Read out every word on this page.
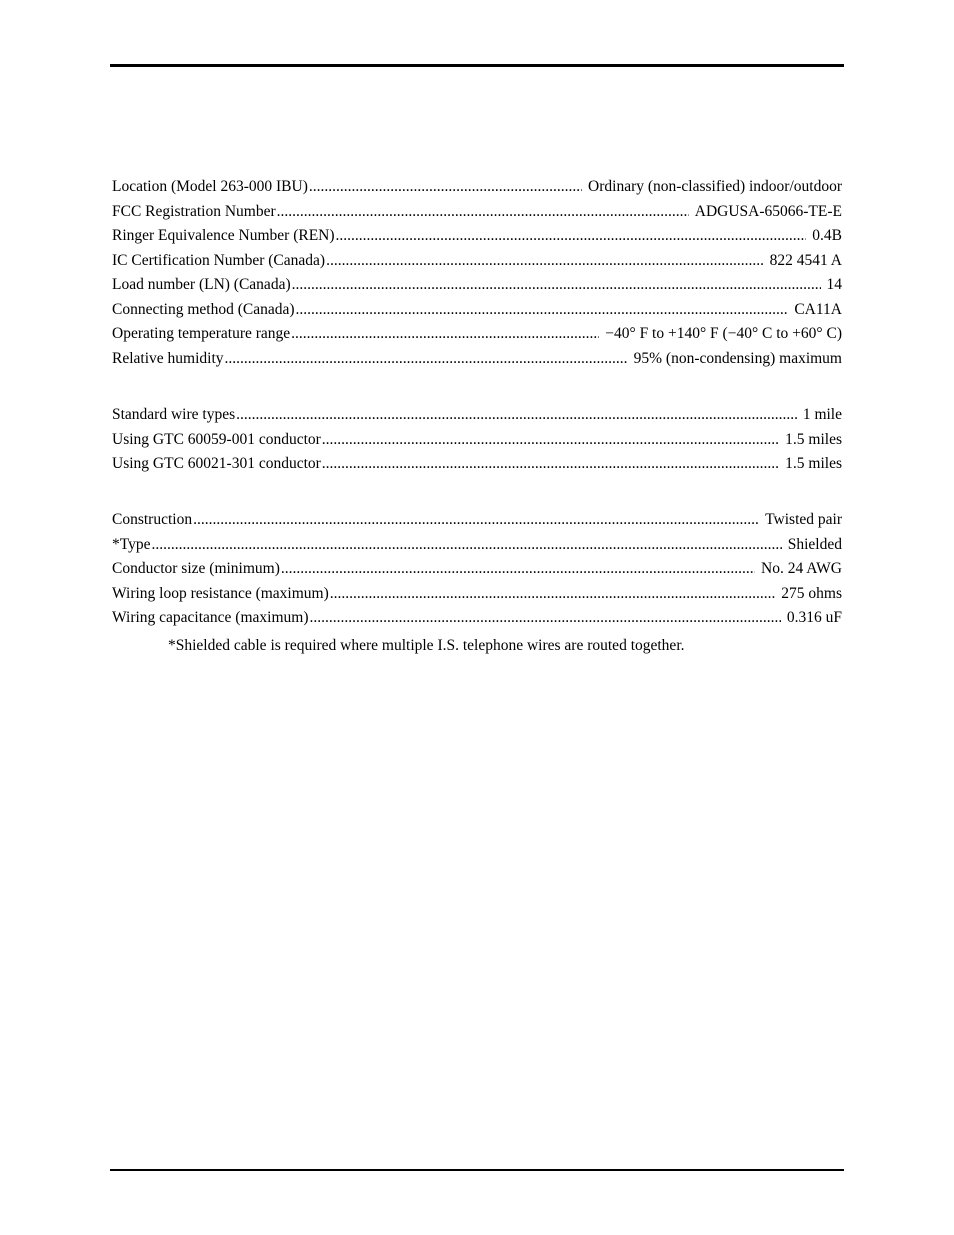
Location (Model 263-000 IBU) .....	Ordinary (non-classified) indoor/outdoor
FCC Registration Number .....	ADGUSA-65066-TE-E
Ringer Equivalence Number (REN) .....	0.4B
IC Certification Number (Canada) .....	822 4541 A
Load number (LN) (Canada) .....	14
Connecting method (Canada) .....	CA11A
Operating temperature range .....	−40° F to +140° F (−40° C to +60° C)
Relative humidity .....	95% (non-condensing) maximum
Standard wire types .....	1 mile
Using GTC 60059-001 conductor .....	1.5 miles
Using GTC 60021-301 conductor .....	1.5 miles
Construction .....	Twisted pair
*Type .....	Shielded
Conductor size (minimum) .....	No. 24 AWG
Wiring loop resistance (maximum) .....	275 ohms
Wiring capacitance (maximum) .....	0.316 uF
*Shielded cable is required where multiple I.S. telephone wires are routed together.
